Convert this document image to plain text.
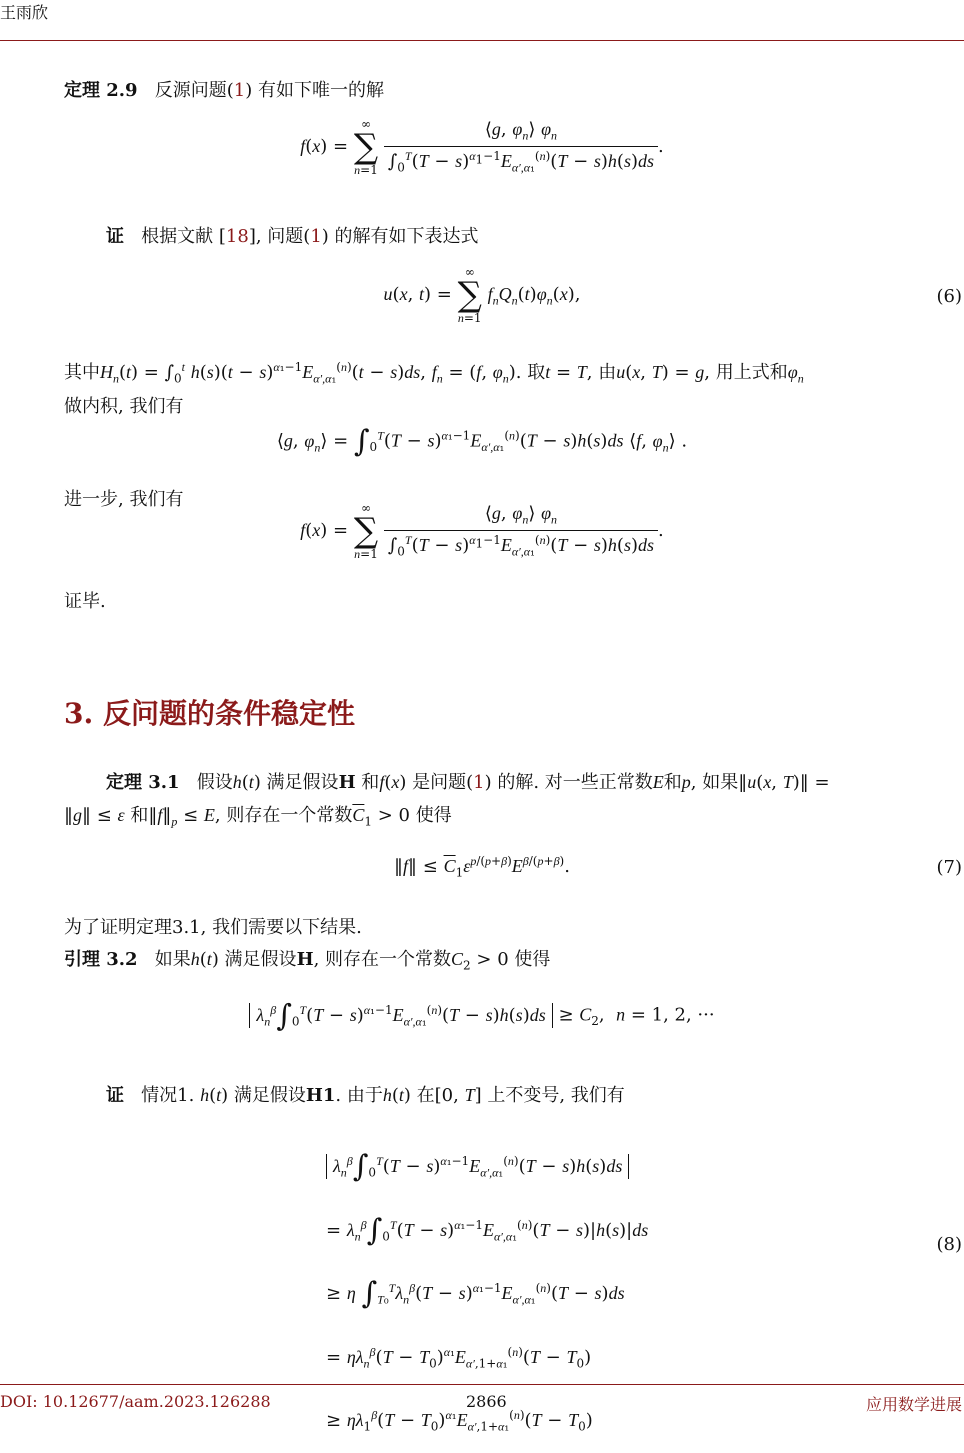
王雨欣
定理 2.9 反源问题(1) 有如下唯一的解
f(x) =
∞
∑
n=1
$\frac{⟨g, \varphi_n⟩ \varphi_n}{\int_0^T(T - s)^{\alpha_1-1}E_{\alpha',\alpha_1}^{(n)}(T - s)h(s)ds}$ .
证 根据文献 [18], 问题(1) 的解有如下表达式
u(x, t) =
∞
∑
n=1
$f_nQ_n(t)\varphi_n(x)$,	(6)
其中$H_n(t) = \int_0^t$ $h(s)(t - s)^{\alpha_1-1}E_{\alpha',\alpha_1}^{(n)}(t - s)ds$, $f_n = (f$, $\varphi_n$). 取t = T, 由u(x, T) = g, 用上式和$\varphi_n$
做内积, 我们有
⟨g, $\varphi_n⟩ = \int_0^T(T - s)^{\alpha_1-1}E_{\alpha',\alpha_1}^{(n)}(T - s)h(s)ds$ ⟨f, $\varphi_n⟩$ .
进一步, 我们有
f(x) =
∞
∑
n=1
$\frac{⟨g, \varphi_n⟩ \varphi_n}{\int_0^T(T - s)^{\alpha_1-1}E_{\alpha',\alpha_1}^{(n)}(T - s)h(s)ds}$ .
证毕.
3. 反问题的条件稳定性
定理 3.1   假设h(t) 满足假设H 和f(x) 是问题(1) 的解. 对一些正常数E和p, 如果‖u(x, T)‖ =
‖g‖ ≤ ε 和$‖f‖_p \le E$, 则存在一个常数$\overline{C}_1 > 0$ 使得
‖f‖ ≤ $\overline{C}_1\varepsilon^{p/(p+\beta)}E^{\beta/(p+\beta)}$.	(7)
为了证明定理3.1, 我们需要以下结果.
引理 3.2   如果h(t) 满足假设H, 则存在一个常数$C_2 > 0$ 使得
$\lambda_n^\beta\int_0^T(T - s)^{\alpha_1-1}E_{\alpha',\alpha_1}^{(n)}(T - s)h(s)ds \ge C_2$,  n = 1, 2, ···
证   情况1. h(t) 满足假设H1. 由于h(t) 在[0, T] 上不变号, 我们有
$\lambda_n^\beta\int_0^T(T - s)^{\alpha_1-1}E_{\alpha',\alpha_1}^{(n)}(T - s)h(s)ds$
= $\lambda_n^\beta\int_0^T(T - s)^{\alpha_1-1}E_{\alpha',\alpha_1}^{(n)}(T - s)|h(s)|ds$
≥ η $\int_{T_0}^T\lambda_n^\beta(T - s)^{\alpha_1-1}E_{\alpha',\alpha_1}^{(n)}(T - s)ds$
= $\eta\lambda_n^\beta(T - T_0)^{\alpha_1}E_{\alpha',1+\alpha_1}^{(n)}(T - T_0)$
≥ $\eta\lambda_1^\beta(T - T_0)^{\alpha_1}E_{\alpha',1+\alpha_1}^{(n)}(T - T_0)$
(8)
DOI: 10.12677/aam.2023.126288	2866	应用数学进展
